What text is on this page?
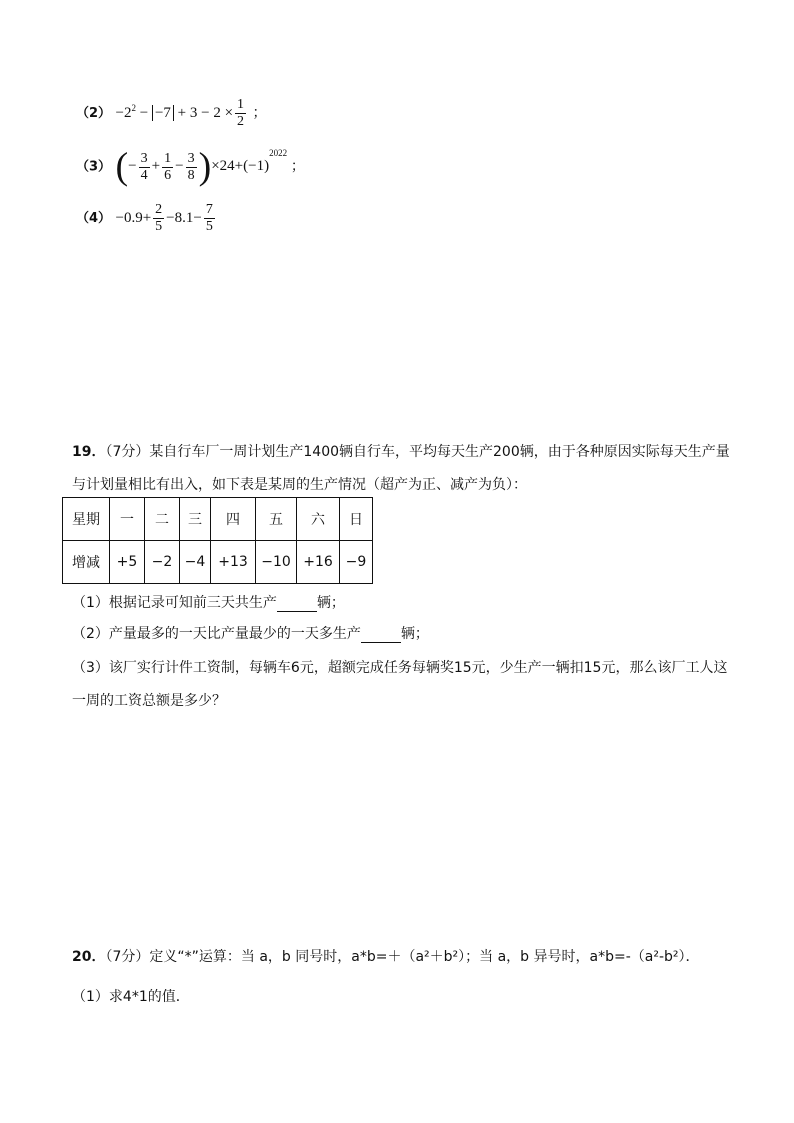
$(2) -2^2 - -7 + 3 - 2 \times \frac{1}{2}$ ；
（3） (− $\frac{3}{4} + \frac{1}{6} - \frac{3}{8} )\times 24+(-1)^{2022}$ ；
$(4) -0.9+ \frac{2}{5} -8.1- \frac{7}{5}$
19．（7分）某自行车厂一周计划生产1400辆自行车，平均每天生产200辆，由于各种原因实际每天生产量
与计划量相比有出入，如下表是某周的生产情况（超产为正、减产为负）：
星期	一	二	三	四	五	六	日
增减	+5	−2	−4	+13	−10	+16	−9
（1）根据记录可知前三天共生产	辆；
（2）产量最多的一天比产量最少的一天多生产	辆；
（3）该厂实行计件工资制，每辆车6元，超额完成任务每辆奖15元，少生产一辆扣15元，那么该厂工人这
一周的工资总额是多少？
20．（7分）定义“*”运算：当 a，b 同号时，a*b=＋（a²＋b²）；当 a，b 异号时，a*b=-（a²-b²）．
（1）求4*1的值．
